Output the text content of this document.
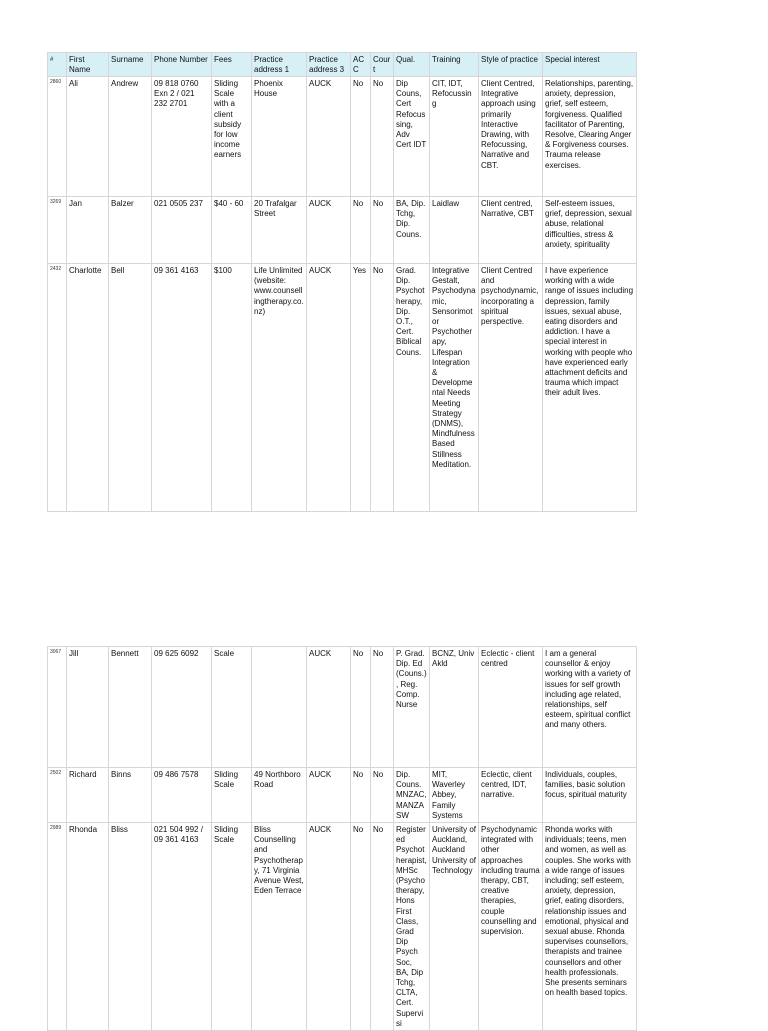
#	First Name	Surname	Phone Number	Fees	Practice address 1	Practice address 3	ACC	Court	Qual.	Training	Style of practice	Special interest
2860	Ali	Andrew	09 818 0760 Exn 2 / 021 232 2701	Sliding Scale with a client subsidy for low income earners	Phoenix House	AUCK	No	No	Dip Couns, Cert Refocussing, Adv Cert IDT	CIT, IDT, Refocussing	Client Centred, Integrative approach using primarily Interactive Drawing, with Refocussing, Narrative and CBT.	Relationships, parenting, anxiety, depression, grief, self esteem, forgiveness. Qualified facilitator of Parenting, Resolve, Clearing Anger & Forgiveness courses. Trauma release exercises.
3269	Jan	Balzer	021 0505 237	$40 - 60	20 Trafalgar Street	AUCK	No	No	BA, Dip. Tchg, Dip. Couns.	Laidlaw	Client centred, Narrative, CBT	Self-esteem issues, grief, depression, sexual abuse, relational difficulties, stress & anxiety, spirituality
2432	Charlotte	Bell	09 361 4163	$100	Life Unlimited (website: www.counsellingtherapy.co.nz)	AUCK	Yes	No	Grad. Dip. Psychotherapy, Dip. O.T., Cert. Biblical Couns.	Integrative Gestalt, Psychodynamic, Sensorimotor Psychotherapy, Lifespan Integration & Developmental Needs Meeting Strategy (DNMS), Mindfulness Based Stillness Meditation.	Client Centred and psychodynamic, incorporating a spiritual perspective.	I have experience working with a wide range of issues including depression, family issues, sexual abuse, eating disorders and addiction. I have a special interest in working with people who have experienced early attachment deficits and trauma which impact their adult lives.
3067	Jill	Bennett	09 625 6092	Scale		AUCK	No	No	P. Grad. Dip. Ed (Couns.), Reg. Comp. Nurse	BCNZ, Univ Akld	Eclectic - client centred	I am a general counsellor & enjoy working with a variety of issues for self growth including age related, relationships, self esteem, spiritual conflict and many others.
2502	Richard	Binns	09 486 7578	Sliding Scale	49 Northboro Road	AUCK	No	No	Dip. Couns. MNZAC, MANZASW	MIT, Waverley Abbey, Family Systems	Eclectic, client centred, IDT, narrative.	Individuals, couples, families, basic solution focus, spiritual maturity
2989	Rhonda	Bliss	021 504 992 / 09 361 4163	Sliding Scale	Bliss Counselling and Psychotherapy, 71 Virginia Avenue West, Eden Terrace	AUCK	No	No	Registered Psychotherapist, MHSc (Psychotherapy, Hons First Class, Grad Dip Psych Soc, BA, Dip Tchg, CLTA, Cert. Supervisi	University of Auckland, Auckland University of Technology	Psychodynamic integrated with other approaches including trauma therapy, CBT, creative therapies, couple counselling and supervision.	Rhonda works with individuals; teens, men and women, as well as couples. She works with a wide range of issues including; self esteem, anxiety, depression, grief, eating disorders, relationship issues and emotional, physical and sexual abuse. Rhonda supervises counsellors, therapists and trainee counsellors and other health professionals. She presents seminars on health based topics.
